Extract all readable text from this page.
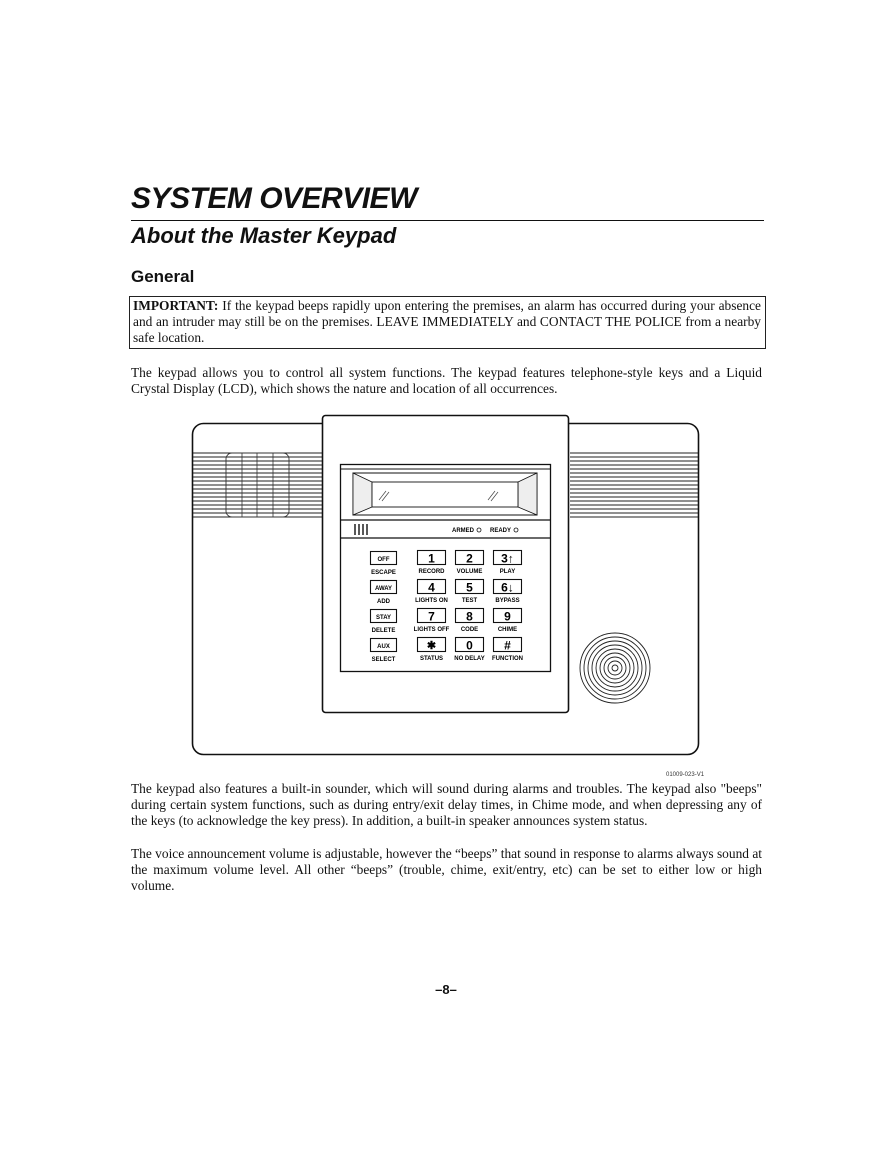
SYSTEM OVERVIEW
About the Master Keypad
General
IMPORTANT: If the keypad beeps rapidly upon entering the premises, an alarm has occurred during your absence and an intruder may still be on the premises. LEAVE IMMEDIATELY and CONTACT THE POLICE from a nearby safe location.

The keypad allows you to control all system functions. The keypad features telephone-style keys and a Liquid Crystal Display (LCD), which shows the nature and location of all occurrences.

ARMED	READY
OFF
ESCAPE
AWAY
ADD
STAY
DELETE
AUX
SELECT
1
RECORD
2
VOLUME
3↑
PLAY
4
LIGHTS ON
5
TEST
6↓
BYPASS
7
LIGHTS OFF
8
CODE
9
CHIME
✱
STATUS
0
NO DELAY
#
FUNCTION
01009-023-V1

The keypad also features a built-in sounder, which will sound during alarms and troubles. The keypad also "beeps" during certain system functions, such as during entry/exit delay times, in Chime mode, and when depressing any of the keys (to acknowledge the key press). In addition, a built-in speaker announces system status.

The voice announcement volume is adjustable, however the “beeps” that sound in response to alarms always sound at the maximum volume level. All other “beeps” (trouble, chime, exit/entry, etc) can be set to either low or high volume.

–8–
